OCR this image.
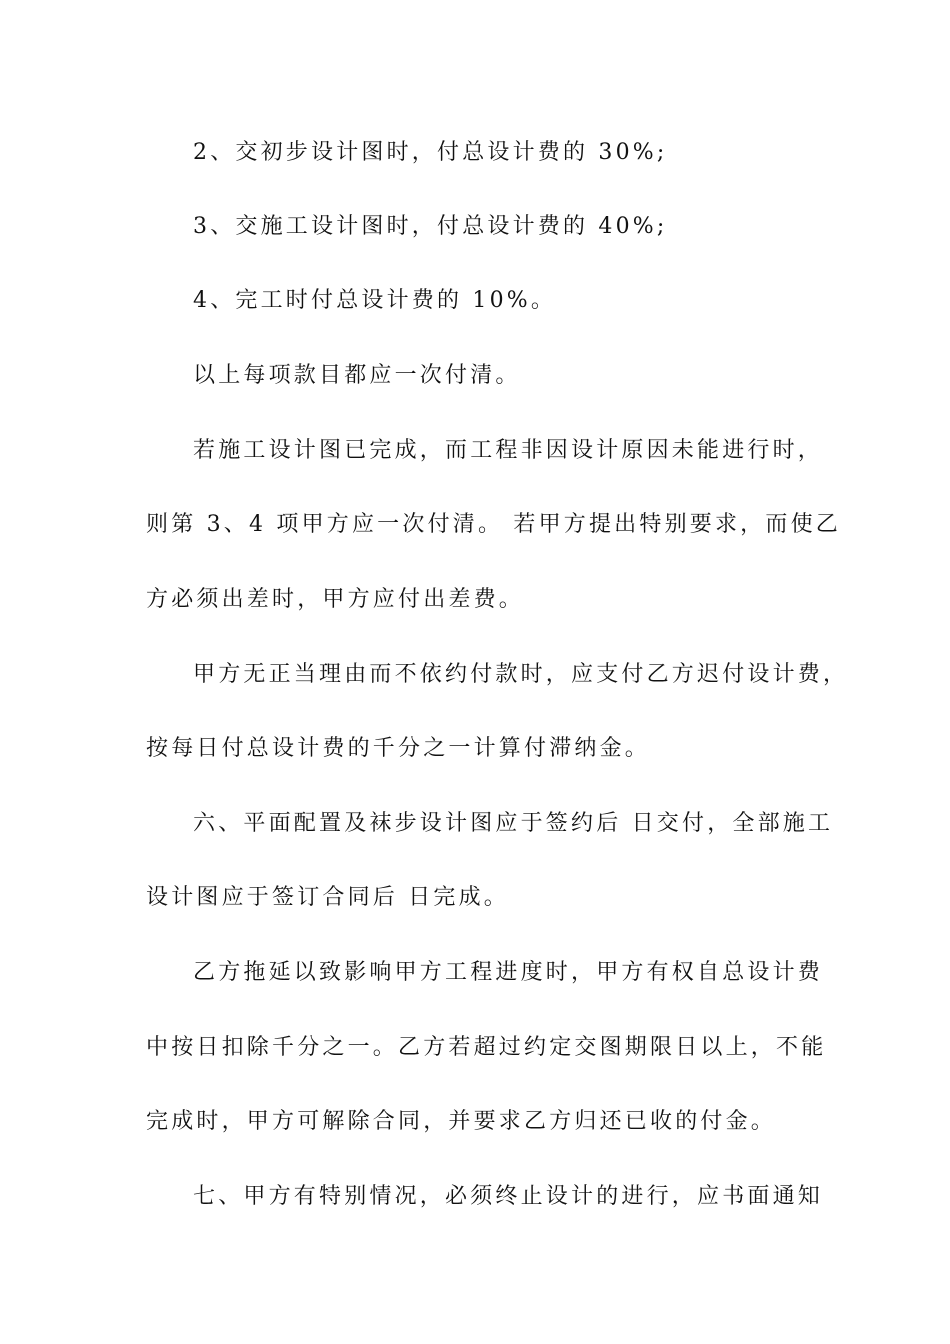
2、交初步设计图时，付总设计费的 30%;
3、交施工设计图时，付总设计费的 40%;
4、完工时付总设计费的 10%。
以上每项款目都应一次付清。
若施工设计图已完成，而工程非因设计原因未能进行时，
则第 3、4 项甲方应一次付清。 若甲方提出特别要求，而使乙
方必须出差时，甲方应付出差费。
甲方无正当理由而不依约付款时，应支付乙方迟付设计费，
按每日付总设计费的千分之一计算付滞纳金。
六、平面配置及袜步设计图应于签约后 日交付，全部施工
设计图应于签订合同后 日完成。
乙方拖延以致影响甲方工程进度时，甲方有权自总设计费
中按日扣除千分之一。乙方若超过约定交图期限日以上，不能
完成时，甲方可解除合同，并要求乙方归还已收的付金。
七、甲方有特别情况，必须终止设计的进行，应书面通知
